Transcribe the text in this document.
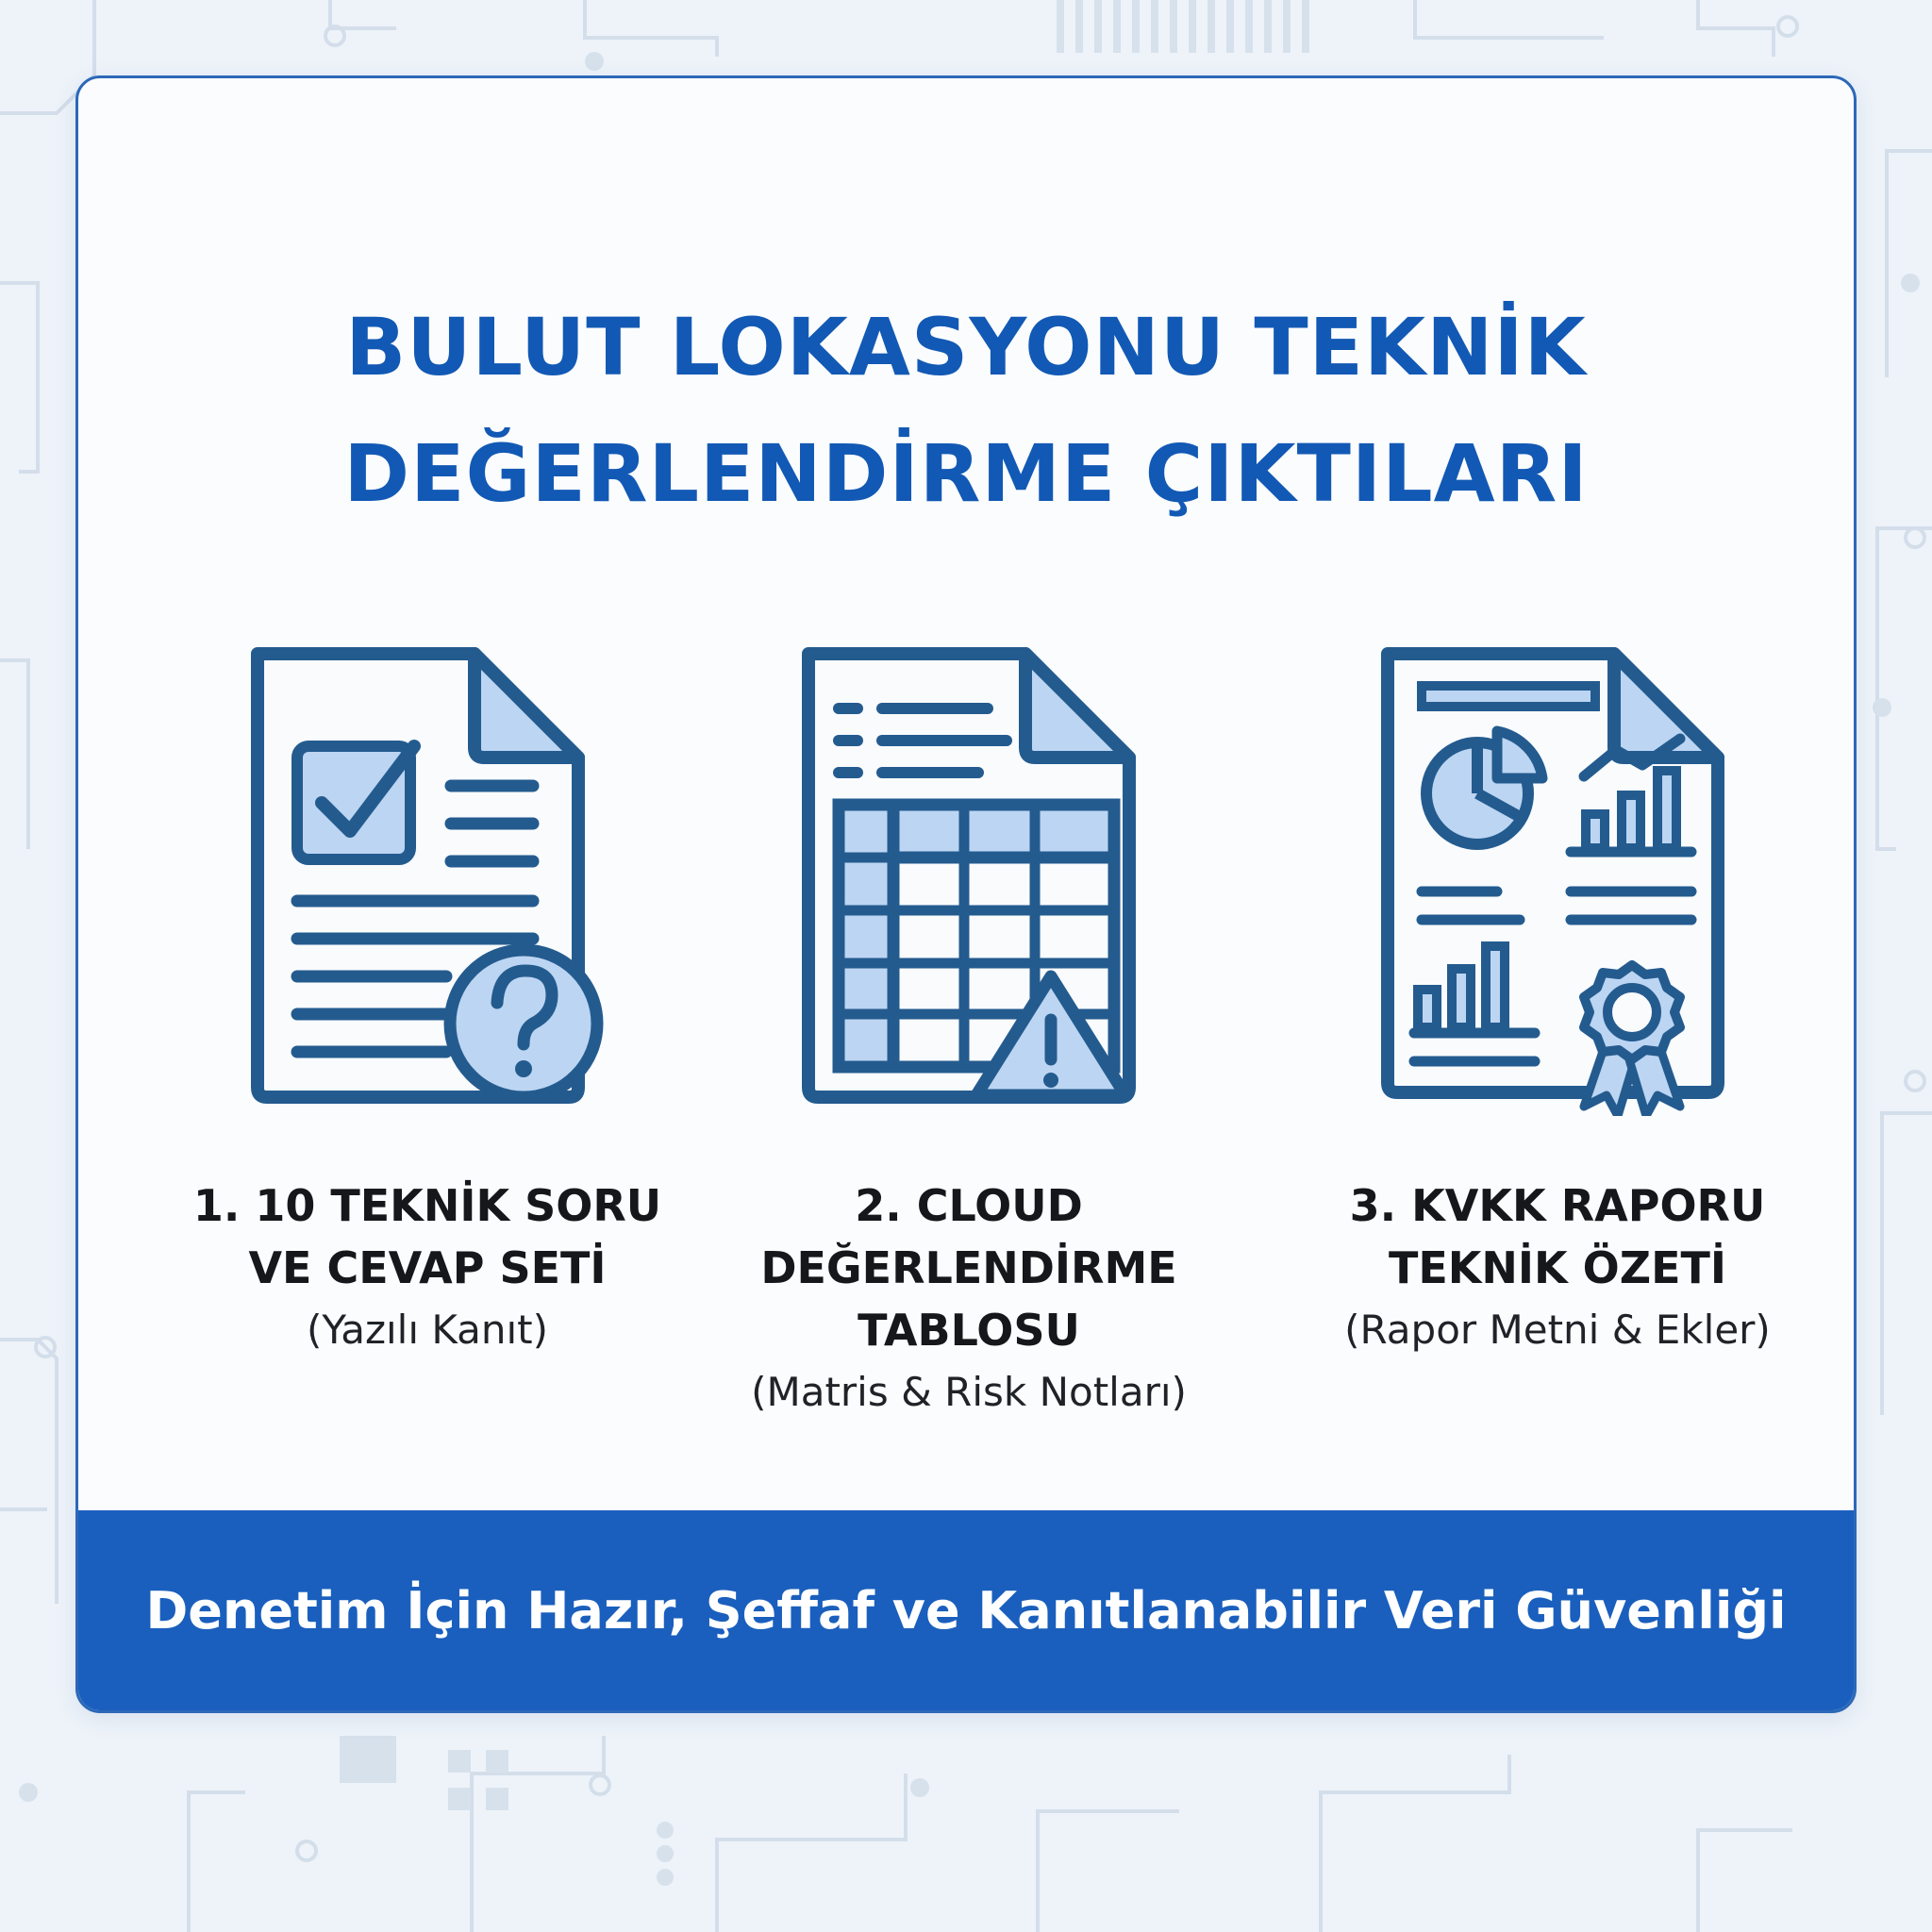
BULUT LOKASYONU TEKNİK
DEĞERLENDİRME ÇIKTILARI
1. 10 TEKNİK SORU
VE CEVAP SETİ
(Yazılı Kanıt)
2. CLOUD
DEĞERLENDİRME
TABLOSU
(Matris & Risk Notları)
3. KVKK RAPORU
TEKNİK ÖZETİ
(Rapor Metni & Ekler)
Denetim İçin Hazır, Şeffaf ve Kanıtlanabilir Veri Güvenliği
